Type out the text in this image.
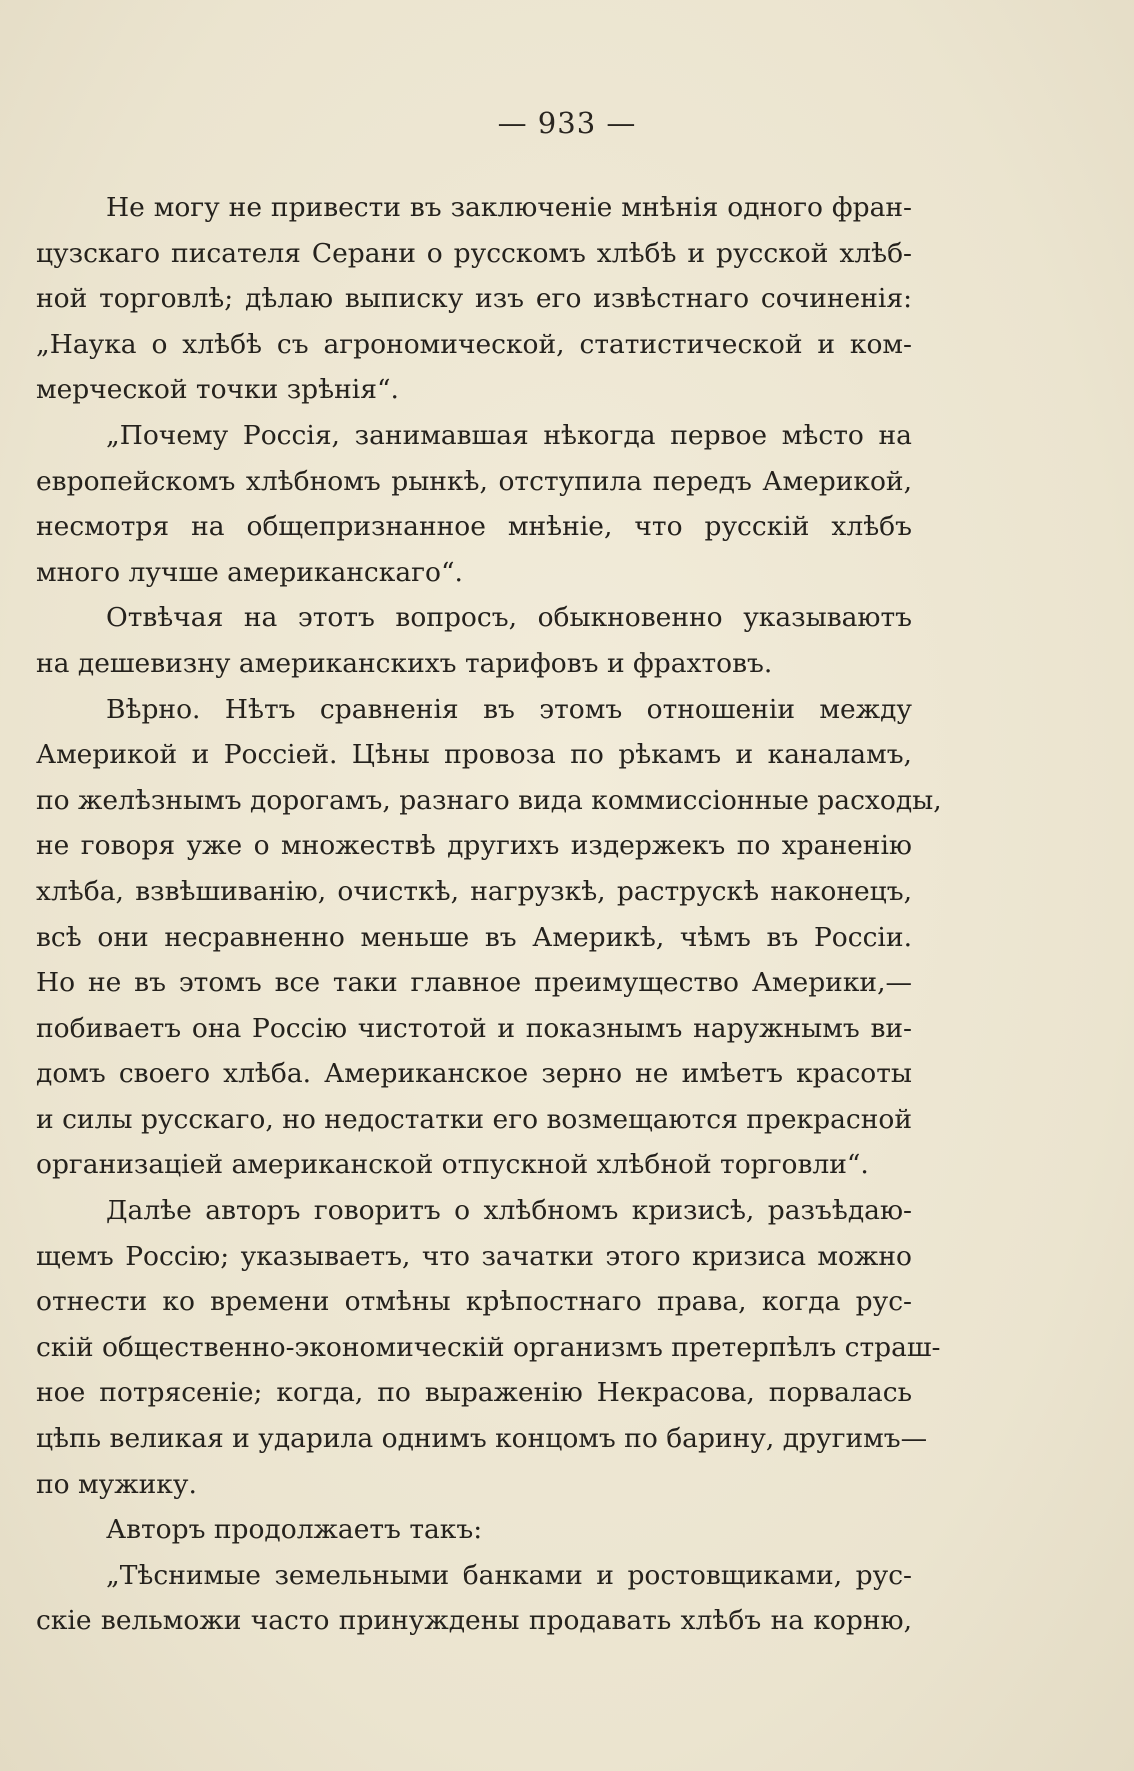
— 933 —
Не могу не привести въ заключеніе мнѣнія одного фран-
цузскаго писателя Серани о русскомъ хлѣбѣ и русской хлѣб-
ной торговлѣ; дѣлаю выписку изъ его извѣстнаго сочиненія:
„Наука о хлѣбѣ съ агрономической, статистической и ком-
мерческой точки зрѣнія“.
„Почему Россія, занимавшая нѣкогда первое мѣсто на
европейскомъ хлѣбномъ рынкѣ, отступила передъ Америкой,
несмотря на общепризнанное мнѣніе, что русскій хлѣбъ
много лучше американскаго“.
Отвѣчая на этотъ вопросъ, обыкновенно указываютъ
на дешевизну американскихъ тарифовъ и фрахтовъ.
Вѣрно. Нѣтъ сравненія въ этомъ отношеніи между
Америкой и Россіей. Цѣны провоза по рѣкамъ и каналамъ,
по желѣзнымъ дорогамъ, разнаго вида коммиссіонные расходы,
не говоря уже о множествѣ другихъ издержекъ по храненію
хлѣба, взвѣшиванію, очисткѣ, нагрузкѣ, раструскѣ наконецъ,
всѣ они несравненно меньше въ Америкѣ, чѣмъ въ Россіи.
Но не въ этомъ все таки главное преимущество Америки,—
побиваетъ она Россію чистотой и показнымъ наружнымъ ви-
домъ своего хлѣба. Американское зерно не имѣетъ красоты
и силы русскаго, но недостатки его возмещаются прекрасной
организаціей американской отпускной хлѣбной торговли“.
Далѣе авторъ говоритъ о хлѣбномъ кризисѣ, разъѣдаю-
щемъ Россію; указываетъ, что зачатки этого кризиса можно
отнести ко времени отмѣны крѣпостнаго права, когда рус-
скій общественно-экономическій организмъ претерпѣлъ страш-
ное потрясеніе; когда, по выраженію Некрасова, порвалась
цѣпь великая и ударила однимъ концомъ по барину, другимъ—
по мужику.
Авторъ продолжаетъ такъ:
„Тѣснимые земельными банками и ростовщиками, рус-
скіе вельможи часто принуждены продавать хлѣбъ на корню,
